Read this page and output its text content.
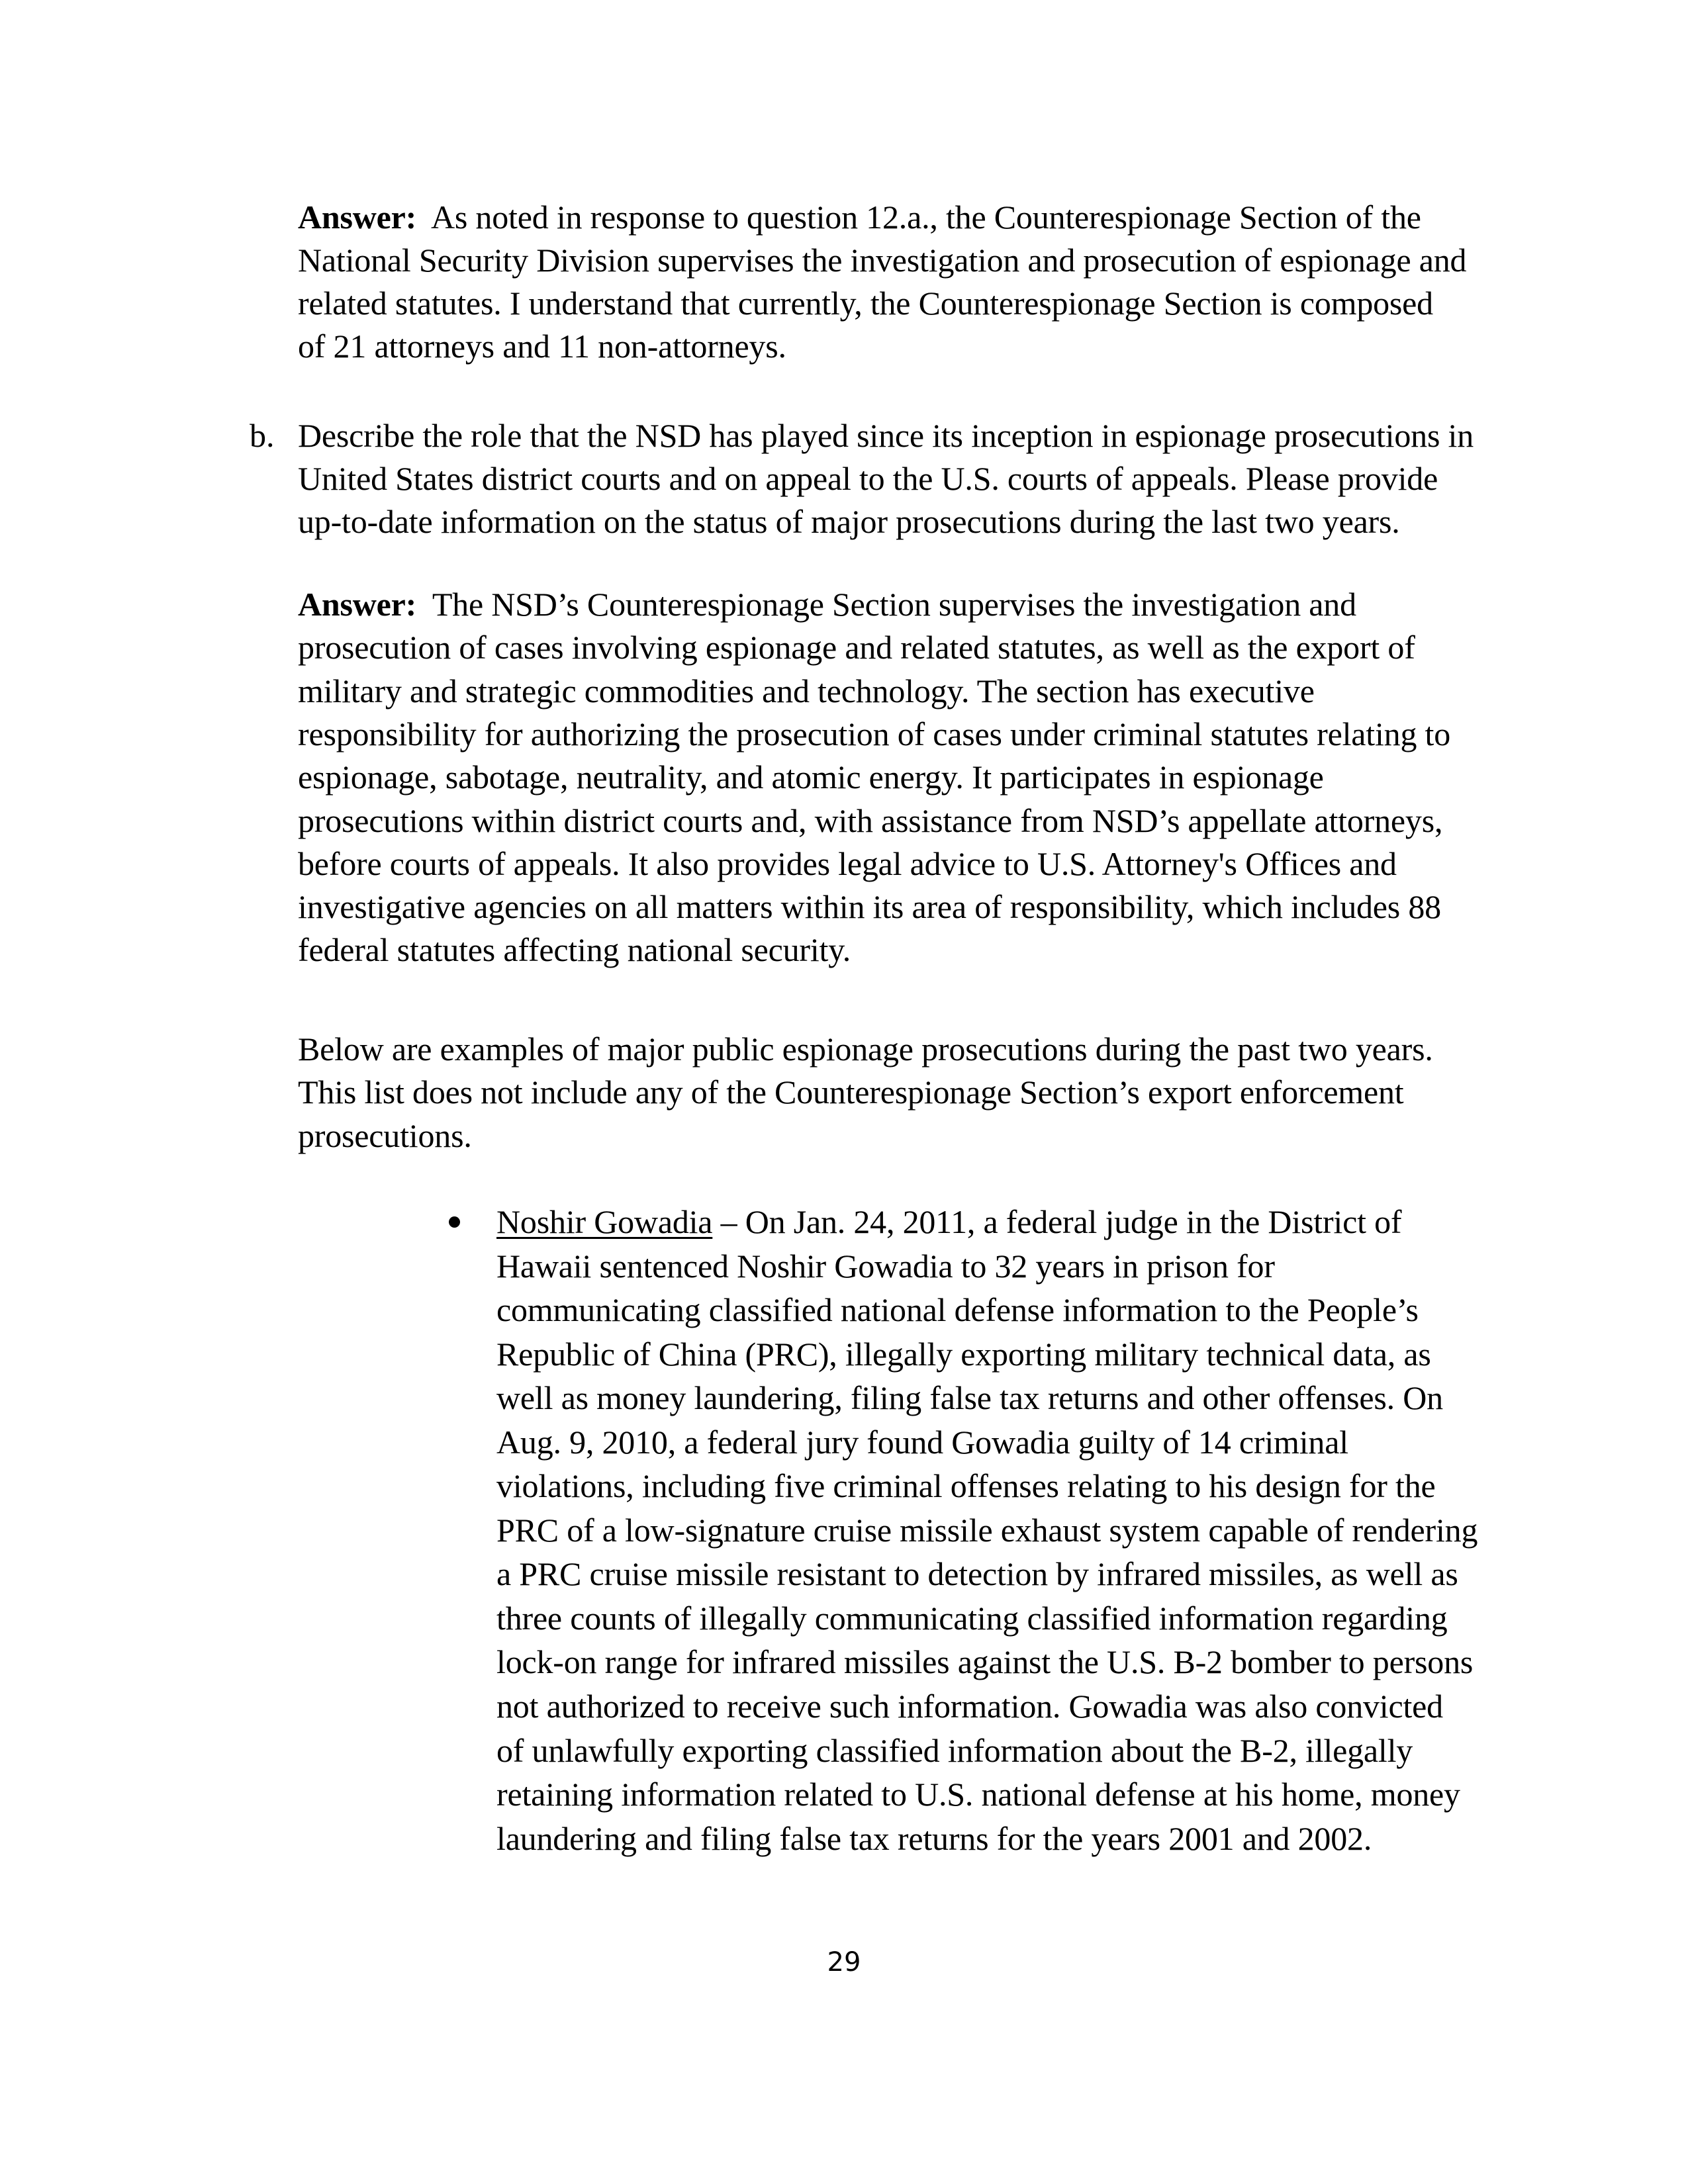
Answer: As noted in response to question 12.a., the Counterespionage Section of the
National Security Division supervises the investigation and prosecution of espionage and
related statutes. I understand that currently, the Counterespionage Section is composed
of 21 attorneys and 11 non-attorneys.
b. Describe the role that the NSD has played since its inception in espionage prosecutions in
United States district courts and on appeal to the U.S. courts of appeals. Please provide
up-to-date information on the status of major prosecutions during the last two years.
Answer: The NSD’s Counterespionage Section supervises the investigation and
prosecution of cases involving espionage and related statutes, as well as the export of
military and strategic commodities and technology. The section has executive
responsibility for authorizing the prosecution of cases under criminal statutes relating to
espionage, sabotage, neutrality, and atomic energy. It participates in espionage
prosecutions within district courts and, with assistance from NSD’s appellate attorneys,
before courts of appeals. It also provides legal advice to U.S. Attorney's Offices and
investigative agencies on all matters within its area of responsibility, which includes 88
federal statutes affecting national security.
Below are examples of major public espionage prosecutions during the past two years.
This list does not include any of the Counterespionage Section’s export enforcement
prosecutions.
Noshir Gowadia – On Jan. 24, 2011, a federal judge in the District of
Hawaii sentenced Noshir Gowadia to 32 years in prison for
communicating classified national defense information to the People’s
Republic of China (PRC), illegally exporting military technical data, as
well as money laundering, filing false tax returns and other offenses. On
Aug. 9, 2010, a federal jury found Gowadia guilty of 14 criminal
violations, including five criminal offenses relating to his design for the
PRC of a low-signature cruise missile exhaust system capable of rendering
a PRC cruise missile resistant to detection by infrared missiles, as well as
three counts of illegally communicating classified information regarding
lock-on range for infrared missiles against the U.S. B-2 bomber to persons
not authorized to receive such information. Gowadia was also convicted
of unlawfully exporting classified information about the B-2, illegally
retaining information related to U.S. national defense at his home, money
laundering and filing false tax returns for the years 2001 and 2002.
29
